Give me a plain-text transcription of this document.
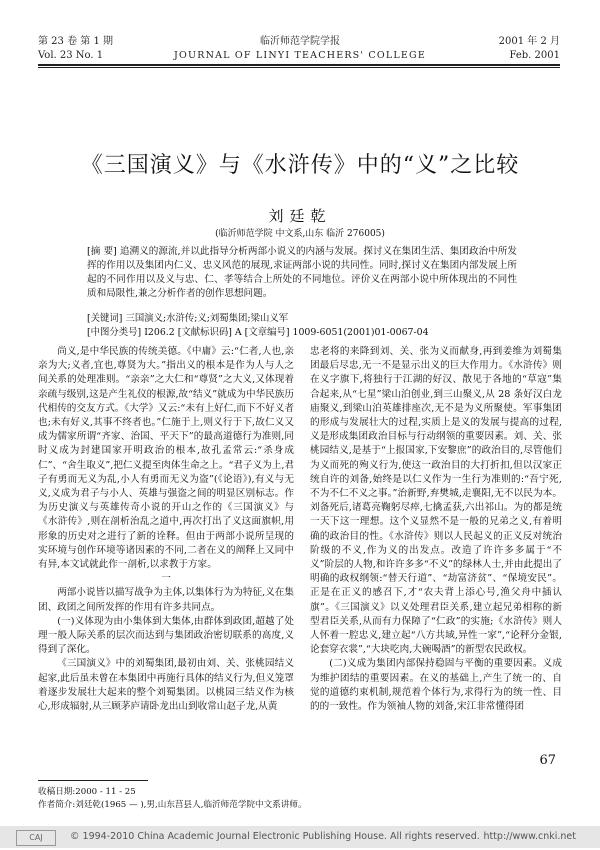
第 23 卷 第 1 期
Vol. 23 No. 1
临沂师范学院学报
JOURNAL OF LINYI TEACHERS' COLLEGE
2001 年 2 月
Feb. 2001
《三国演义》与《水浒传》中的“义”之比较
刘廷乾
(临沂师范学院 中文系,山东 临沂 276005)
[摘 要] 追溯义的源流,并以此指导分析两部小说义的内涵与发展。探讨义在集团生活、集团政治中所发挥的作用以及集团内仁义、忠义风范的展现,求证两部小说的共同性。同时,探讨义在集团内部发展上所起的不同作用以及义与忠、仁、孝等结合上所处的不同地位。评价义在两部小说中所体现出的不同性质和局限性,兼之分析作者的创作思想问题。
[关键词] 三国演义;水浒传;义;刘蜀集团;梁山义军
[中图分类号] I206.2 [文献标识码] A [文章编号] 1009-6051(2001)01-0067-04

尚义,是中华民族的传统美德。《中庸》云:“仁者,人也,亲亲为大;义者,宜也,尊贤为大。”指出义的根本是作为人与人之间关系的处理准则。“亲亲”之大仁和“尊贤”之大义,又体现着亲疏与级别,这是产生礼仪的根源,故“结义”就成为中华民族历代相传的交友方式。《大学》又云:“未有上好仁,而下不好义者也;未有好义,其事不终者也。”仁施于上,则义行于下,故仁义又成为儒家所谓“齐家、治国、平天下”的最高道德行为准则,同时义成为封建国家开明政治的根本,故孔孟常云:“杀身成仁”、“舍生取义”,把仁义提至肉体生命之上。“君子义为上,君子有勇而无义为乱,小人有勇而无义为盗”(《论语》),有义与无义,义成为君子与小人、英雄与强盗之间的明显区别标志。作为历史演义与英雄传奇小说的开山之作的《三国演义》与《水浒传》,则在剖析治乱之道中,再次打出了义这面旗帜,用形象的历史对之进行了新的诠释。但由于两部小说所呈现的实环境与创作环境等诸因素的不同,二者在义的阐释上又同中有异,本文试就此作一剖析,以求教于方家。

一

两部小说皆以描写战争为主体,以集体行为为特征,义在集团、政团之间所发挥的作用有许多共同点。

(一)义体现为由小集体到大集体,由群体到政团,超越了处理一般人际关系的层次而达到与集团政治密切联系的高度,义得到了深化。

《三国演义》中的刘蜀集团,最初由刘、关、张桃园结义起家,此后虽未曾在本集团中再施行具体的结义行为,但义笼罩着逐步发展壮大起来的整个刘蜀集团。以桃园三结义作为核心,形成辐射,从三顾茅庐请卧龙出山到收常山赵子龙,从黄

忠老将的来降到刘、关、张为义而献身,再到姜维为刘蜀集团最后尽忠,无一不是显示出义的巨大作用力。《水浒传》则在义字旗下,将独行于江湖的好汉、散见于各地的“草寇”集合起来,从“七星”梁山泊创业,到三山聚义,从 28 条好汉白龙庙聚义,到梁山泊英雄排座次,无不是为义所聚使。军事集团的形成与发展壮大的过程,实质上是义的发展与提高的过程,义是形成集团政治目标与行动纲领的重要因素。刘、关、张桃园结义,是基于“上报国家,下安黎庶”的政治目的,尽管他们为义而死的殉义行为,使这一政治目的大打折扣,但以汉家正统自许的刘备,始终是以仁义作为一生行为准则的:“吾宁死,不为不仁不义之事。”治新野,弃樊城,走襄阳,无不以民为本。刘备死后,诸葛亮鞠躬尽瘁,七擒孟获,六出祁山。为的都是统一天下这一理想。这个义显然不是一般的兄弟之义,有着明确的政治目的性。《水浒传》则以人民起义的正义反对统治阶级的不义,作为义的出发点。改造了许许多多属于“不义”阶层的人物,和许许多多“不义”的绿林人士,并由此提出了明确的政权纲领:“替天行道”、“劫富济贫”、“保境安民”。正是在正义的感召下,才“农夫背上添心号,渔父舟中插认旗”。《三国演义》以义处理君臣关系,建立起兄弟相称的新型君臣关系,从而有力保障了“仁政”的实施;《水浒传》则人人怀着一腔忠义,建立起“八方共域,异性一家”,“论秤分金银,论套穿衣裳”,“大块吃肉,大碗喝酒”的新型农民政权。

(二)义成为集团内部保持稳固与平衡的重要因素。义成为维护团结的重要因素。在义的基础上,产生了统一的、自觉的道德约束机制,规范着个体行为,求得行为的统一性、目的的一致性。作为领袖人物的刘备,宋江非常懂得团

收稿日期:2000 - 11 - 25
作者简介:刘廷乾(1965 — ),男,山东莒县人,临沂师范学院中文系讲师。
67
CAJ	© 1994-2010 China Academic Journal Electronic Publishing House. All rights reserved. http://www.cnki.net
